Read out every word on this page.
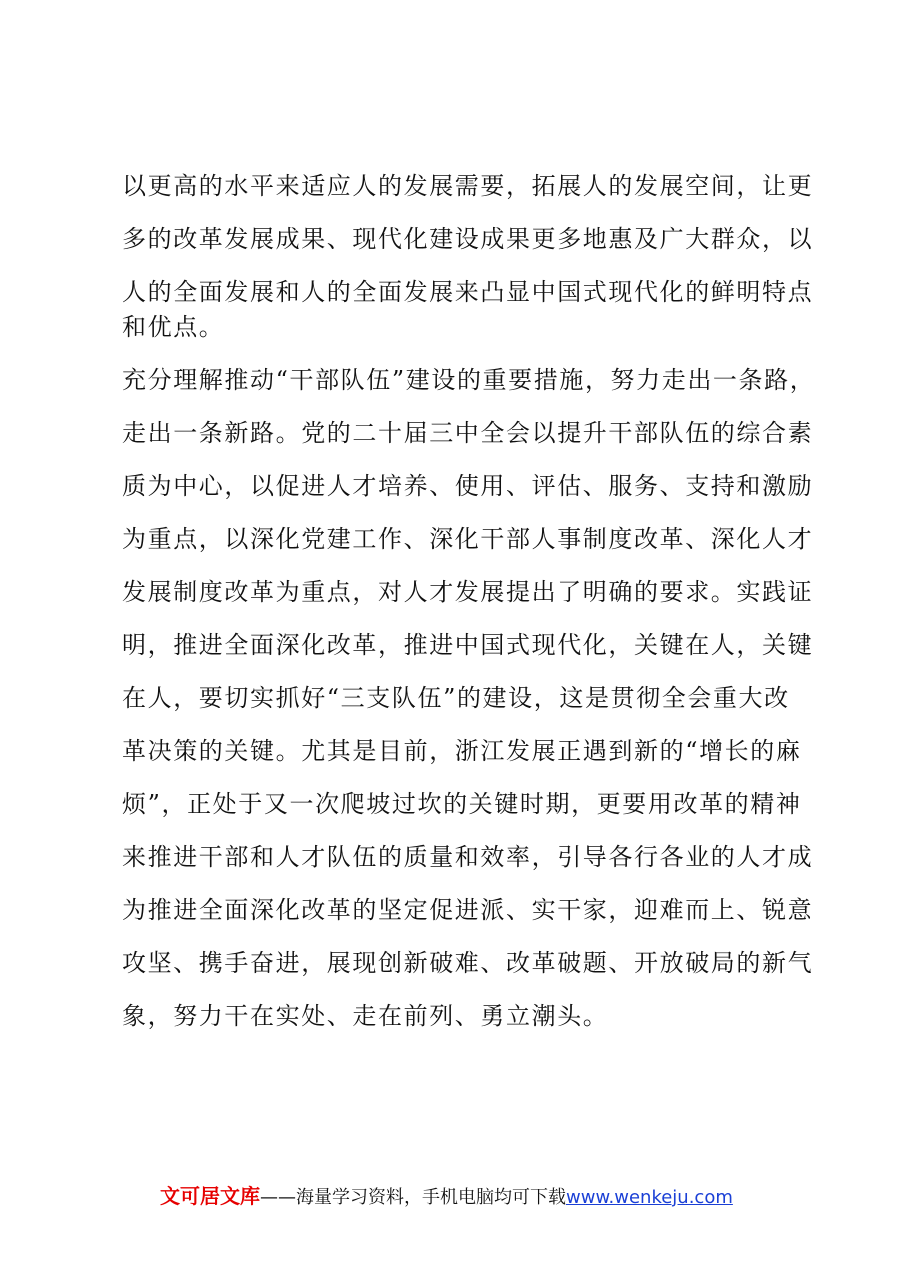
以更高的水平来适应人的发展需要，拓展人的发展空间，让更
多的改革发展成果、现代化建设成果更多地惠及广大群众，以
人的全面发展和人的全面发展来凸显中国式现代化的鲜明特点
和优点。
充分理解推动“干部队伍”建设的重要措施，努力走出一条路，
走出一条新路。党的二十届三中全会以提升干部队伍的综合素
质为中心，以促进人才培养、使用、评估、服务、支持和激励
为重点，以深化党建工作、深化干部人事制度改革、深化人才
发展制度改革为重点，对人才发展提出了明确的要求。实践证
明，推进全面深化改革，推进中国式现代化，关键在人，关键
在人，要切实抓好“三支队伍”的建设，这是贯彻全会重大改
革决策的关键。尤其是目前，浙江发展正遇到新的“增长的麻
烦”，正处于又一次爬坡过坎的关键时期，更要用改革的精神
来推进干部和人才队伍的质量和效率，引导各行各业的人才成
为推进全面深化改革的坚定促进派、实干家，迎难而上、锐意
攻坚、携手奋进，展现创新破难、改革破题、开放破局的新气
象，努力干在实处、走在前列、勇立潮头。
文可居文库——海量学习资料，手机电脑均可下载www.wenkeju.com
